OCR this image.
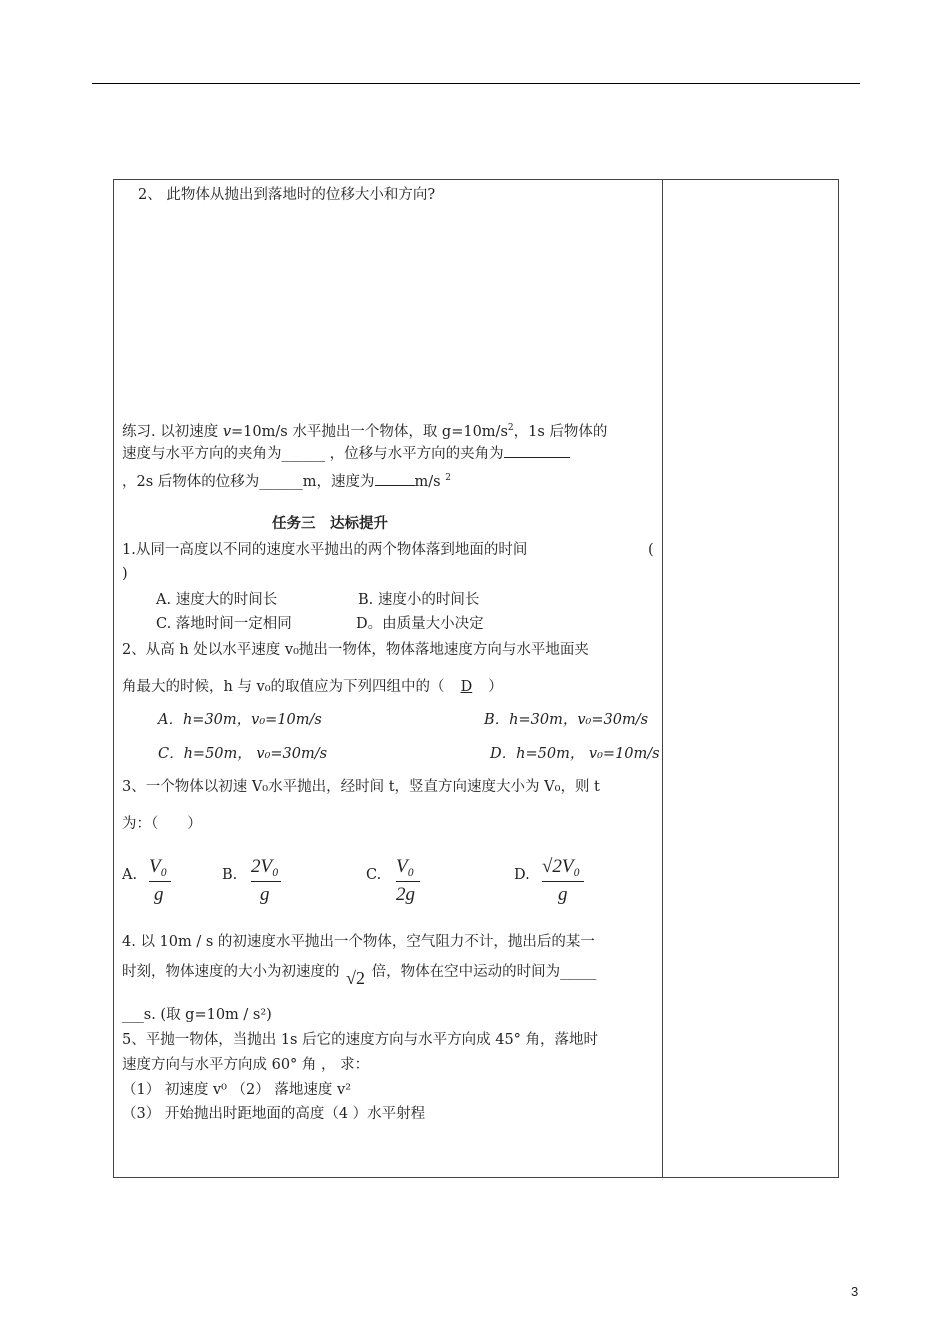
2、 此物体从抛出到落地时的位移大小和方向?
练习. 以初速度 v=10m/s 水平抛出一个物体，取 $g=10m/s^2$，1s 后物体的
速度与水平方向的夹角为______ ，位移与水平方向的夹角为
，2s 后物体的位移为______m，速度为	m/s $^2$
任务三　达标提升
1.从同一高度以不同的速度水平抛出的两个物体落到地面的时间	(
)
A. 速度大的时间长	B. 速度小的时间长
C. 落地时间一定相同	D。由质量大小决定
2、从高 h 处以水平速度 v₀抛出一物体，物体落地速度方向与水平地面夹
角最大的时候，h 与 v₀的取值应为下列四组中的（ D ）
A．h=30m，v₀=10m/s	B．h=30m，v₀=30m/s
C．h=50m， v₀=30m/s	D．h=50m， v₀=10m/s
3、一个物体以初速 V₀水平抛出，经时间 t，竖直方向速度大小为 V₀，则 t
为：（　　）
A. V₀
g
B. 2V₀
g
C. V₀
2g
D. √2V₀
g
4. 以 10m / s 的初速度水平抛出一个物体，空气阻力不计，抛出后的某一
时刻，物体速度的大小为初速度的 √2 倍，物体在空中运动的时间为_____
___s. (取 g=10m / s²)
5、平抛一物体，当抛出 1s 后它的速度方向与水平方向成 45° 角，落地时
速度方向与水平方向成 60° 角 ， 求：
（1） 初速度 v⁰ （2） 落地速度 v²
（3） 开始抛出时距地面的高度（4 ）水平射程
3
